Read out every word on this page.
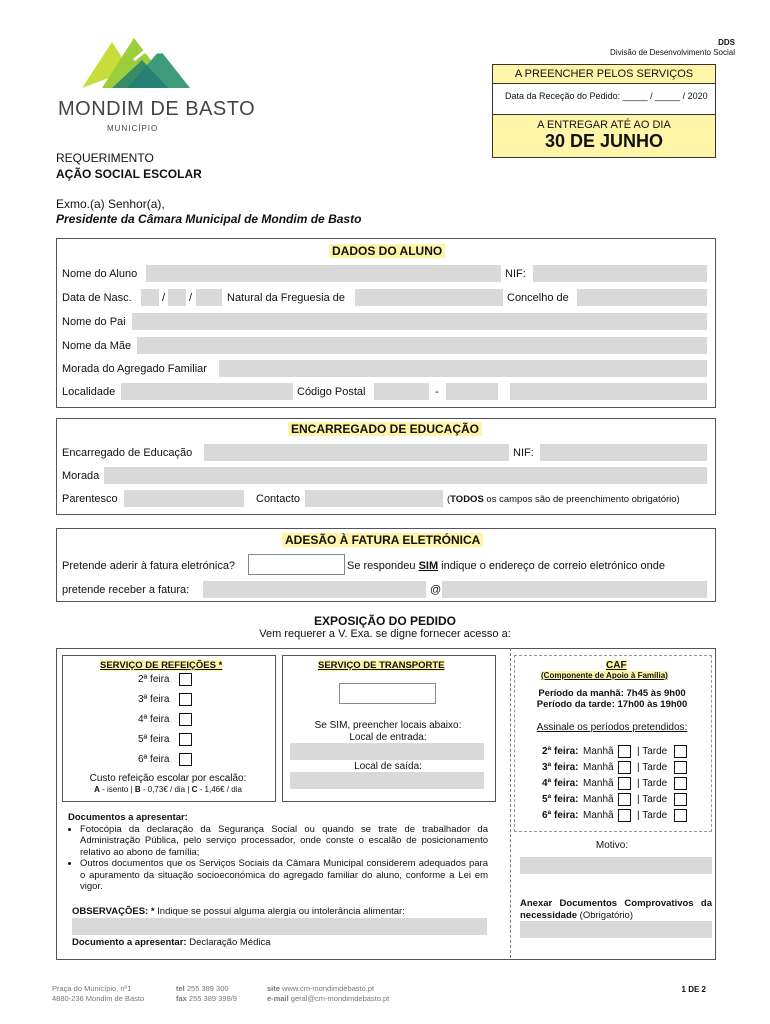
MONDIM DE BASTO
MUNICÍPIO
DDS
Divisão de Desenvolvimento Social
A PREENCHER PELOS SERVIÇOS
Data da Receção do Pedido: _____ / _____ / 2020
A ENTREGAR ATÉ AO DIA
30 DE JUNHO
REQUERIMENTO
AÇÃO SOCIAL ESCOLAR
Exmo.(a) Senhor(a),
Presidente da Câmara Municipal de Mondim de Basto
DADOS DO ALUNO
Nome do Aluno	NIF:
Data de Nasc.	/ /	Natural da Freguesia de	Concelho de
Nome do Pai
Nome da Mãe
Morada do Agregado Familiar
Localidade	Código Postal	-
ENCARREGADO DE EDUCAÇÃO
Encarregado de Educação	NIF:
Morada
Parentesco	Contacto	(TODOS os campos são de preenchimento obrigatório)
ADESÃO À FATURA ELETRÓNICA
Pretende aderir à fatura eletrónica?	Se respondeu SIM indique o endereço de correio eletrónico onde
pretende receber a fatura:	@
EXPOSIÇÃO DO PEDIDO
Vem requerer a V. Exa. se digne fornecer acesso a:
SERVIÇO DE REFEIÇÕES *
2ª feira
3ª feira
4ª feira
5ª feira
6ª feira
Custo refeição escolar por escalão:
A - isento | B - 0,73€ / dia | C - 1,46€ / dia
SERVIÇO DE TRANSPORTE
Se SIM, preencher locais abaixo:
Local de entrada:
Local de saída:
Documentos a apresentar:
• Fotocópia da declaração da Segurança Social ou quando se trate de trabalhador da Administração Pública, pelo serviço processador, onde conste o escalão de posicionamento relativo ao abono de família;
• Outros documentos que os Serviços Sociais da Câmara Municipal considerem adequados para o apuramento da situação socioeconómica do agregado familiar do aluno, conforme a Lei em vigor.
OBSERVAÇÕES: * Indique se possui alguma alergia ou intolerância alimentar:
Documento a apresentar: Declaração Médica
CAF
(Componente de Apoio à Família)
Período da manhã: 7h45 às 9h00
Período da tarde: 17h00 às 19h00
Assinale os períodos pretendidos:
2ª feira: Manhã | Tarde
3ª feira: Manhã | Tarde
4ª feira: Manhã | Tarde
5ª feira: Manhã | Tarde
6ª feira: Manhã | Tarde
Motivo:
Anexar Documentos Comprovativos da necessidade (Obrigatório)
Praça do Município, nº1
4880-236 Mondim de Basto
tel 255 389 300
fax 255 389 398/9
site www.cm-mondimdebasto.pt
e-mail geral@cm-mondimdebasto.pt
1 DE 2
